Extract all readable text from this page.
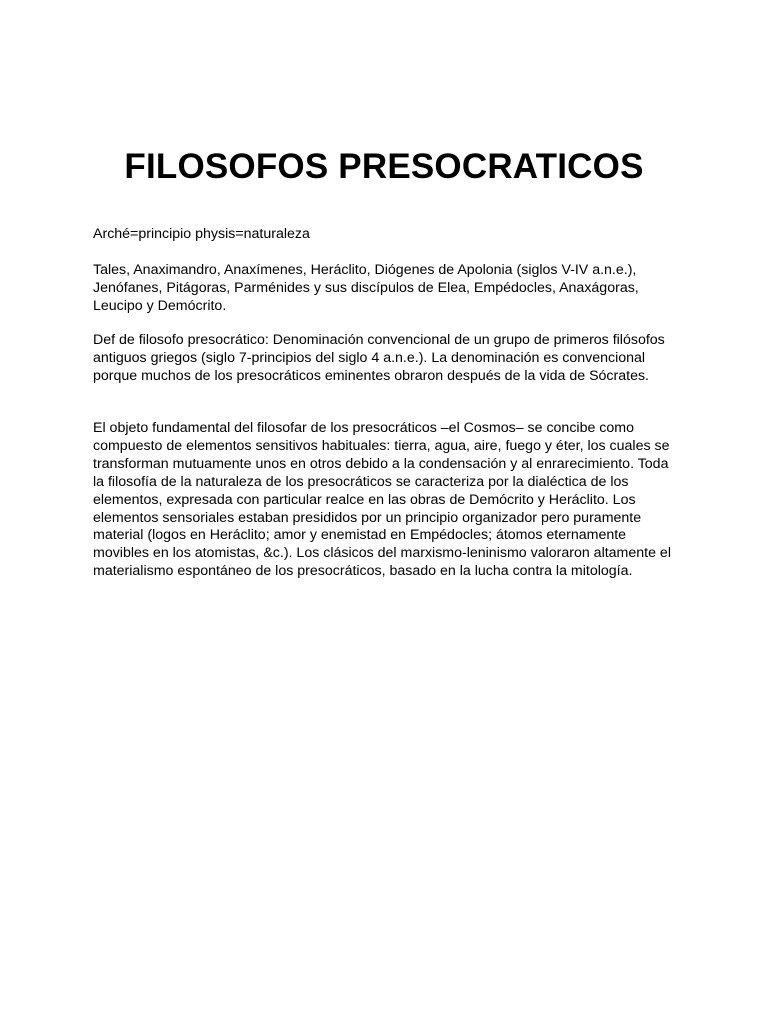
FILOSOFOS PRESOCRATICOS

Arché=principio physis=naturaleza

Tales, Anaximandro, Anaxímenes, Heráclito, Diógenes de Apolonia (siglos V-IV a.n.e.),
Jenófanes, Pitágoras, Parménides y sus discípulos de Elea, Empédocles, Anaxágoras,
Leucipo y Demócrito.

Def de filosofo presocrático: Denominación convencional de un grupo de primeros filósofos
antiguos griegos (siglo 7-principios del siglo 4 a.n.e.). La denominación es convencional
porque muchos de los presocráticos eminentes obraron después de la vida de Sócrates.

El objeto fundamental del filosofar de los presocráticos –el Cosmos– se concibe como
compuesto de elementos sensitivos habituales: tierra, agua, aire, fuego y éter, los cuales se
transforman mutuamente unos en otros debido a la condensación y al enrarecimiento. Toda
la filosofía de la naturaleza de los presocráticos se caracteriza por la dialéctica de los
elementos, expresada con particular realce en las obras de Demócrito y Heráclito. Los
elementos sensoriales estaban presididos por un principio organizador pero puramente
material (logos en Heráclito; amor y enemistad en Empédocles; átomos eternamente
movibles en los atomistas, &c.). Los clásicos del marxismo-leninismo valoraron altamente el
materialismo espontáneo de los presocráticos, basado en la lucha contra la mitología.
